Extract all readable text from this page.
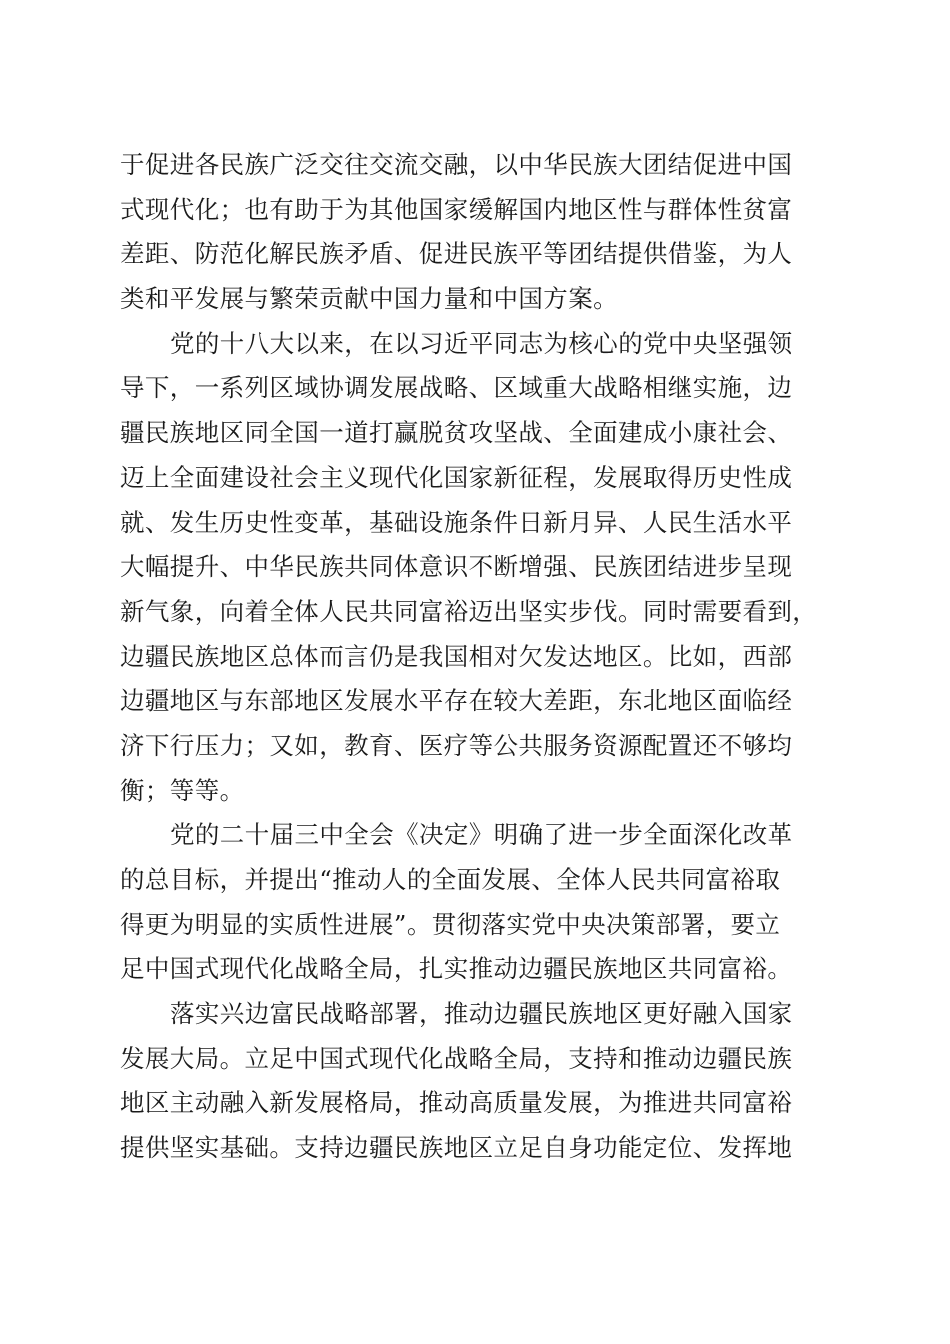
于促进各民族广泛交往交流交融，以中华民族大团结促进中国
式现代化；也有助于为其他国家缓解国内地区性与群体性贫富
差距、防范化解民族矛盾、促进民族平等团结提供借鉴，为人
类和平发展与繁荣贡献中国力量和中国方案。
党的十八大以来，在以习近平同志为核心的党中央坚强领
导下，一系列区域协调发展战略、区域重大战略相继实施，边
疆民族地区同全国一道打赢脱贫攻坚战、全面建成小康社会、
迈上全面建设社会主义现代化国家新征程，发展取得历史性成
就、发生历史性变革，基础设施条件日新月异、人民生活水平
大幅提升、中华民族共同体意识不断增强、民族团结进步呈现
新气象，向着全体人民共同富裕迈出坚实步伐。同时需要看到，
边疆民族地区总体而言仍是我国相对欠发达地区。比如，西部
边疆地区与东部地区发展水平存在较大差距，东北地区面临经
济下行压力；又如，教育、医疗等公共服务资源配置还不够均
衡；等等。
党的二十届三中全会《决定》明确了进一步全面深化改革
的总目标，并提出“推动人的全面发展、全体人民共同富裕取
得更为明显的实质性进展”。贯彻落实党中央决策部署，要立
足中国式现代化战略全局，扎实推动边疆民族地区共同富裕。
落实兴边富民战略部署，推动边疆民族地区更好融入国家
发展大局。立足中国式现代化战略全局，支持和推动边疆民族
地区主动融入新发展格局，推动高质量发展，为推进共同富裕
提供坚实基础。支持边疆民族地区立足自身功能定位、发挥地
